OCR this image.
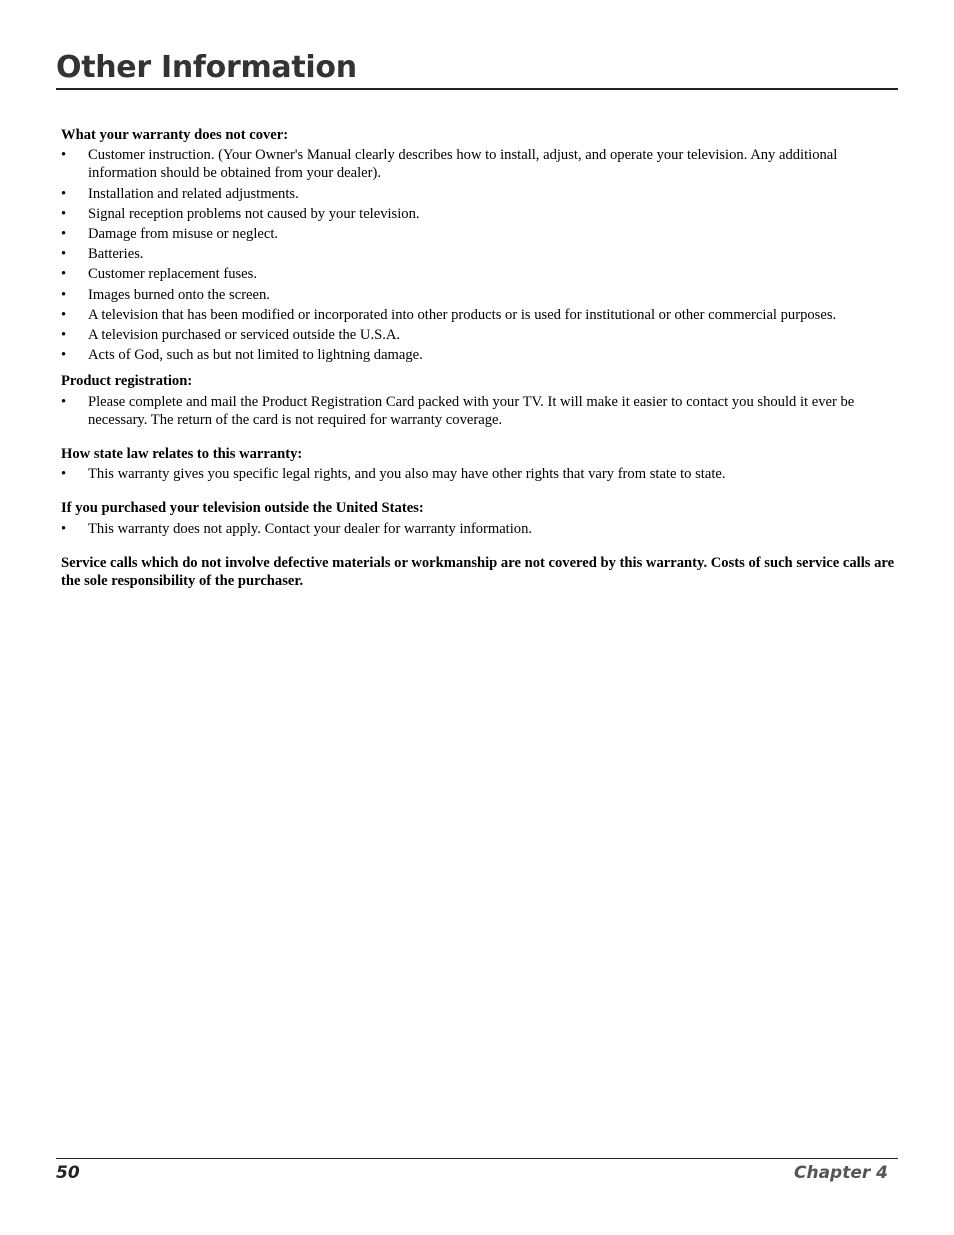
Other Information
What your warranty does not cover:
• Customer instruction. (Your Owner's Manual clearly describes how to install, adjust, and operate your television. Any additional information should be obtained from your dealer).
• Installation and related adjustments.
• Signal reception problems not caused by your television.
• Damage from misuse or neglect.
• Batteries.
• Customer replacement fuses.
• Images burned onto the screen.
• A television that has been modified or incorporated into other products or is used for institutional or other commercial purposes.
• A television purchased or serviced outside the U.S.A.
• Acts of God, such as but not limited to lightning damage.
Product registration:
• Please complete and mail the Product Registration Card packed with your TV. It will make it easier to contact you should it ever be necessary. The return of the card is not required for warranty coverage.
How state law relates to this warranty:
• This warranty gives you specific legal rights, and you also may have other rights that vary from state to state.
If you purchased your television outside the United States:
• This warranty does not apply. Contact your dealer for warranty information.
Service calls which do not involve defective materials or workmanship are not covered by this warranty. Costs of such service calls are the sole responsibility of the purchaser.
50	Chapter 4
